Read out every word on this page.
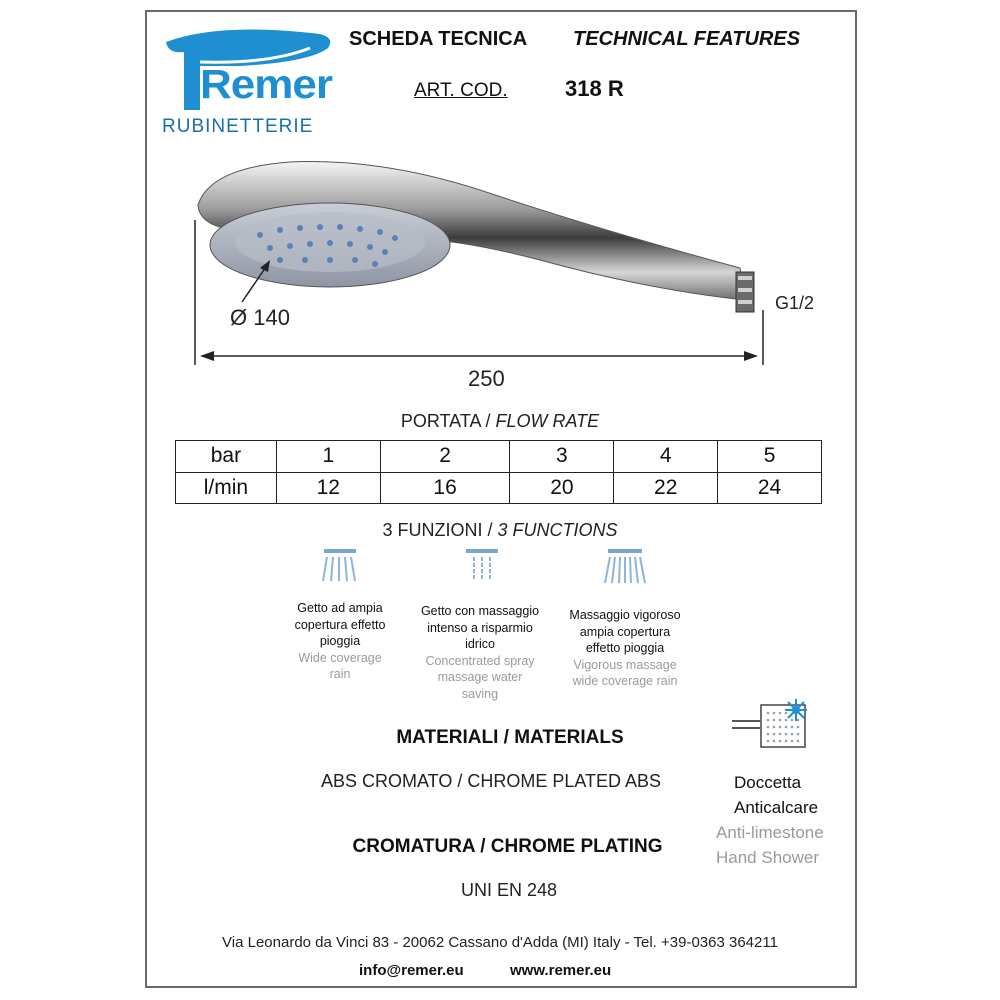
Remer
RUBINETTERIE
SCHEDA TECNICA TECHNICAL FEATURES
ART. COD.	318 R
Ø 140
G1/2
250
PORTATA / FLOW RATE
bar	1	2	3	4	5
l/min	12	16	20	22	24
3 FUNZIONI / 3 FUNCTIONS
Getto ad ampia
copertura effetto
pioggia
Wide coverage
rain
Getto con massaggio
intenso a risparmio
idrico
Concentrated spray
massage water
saving
Massaggio vigoroso
ampia copertura
effetto pioggia
Vigorous massage
wide coverage rain
MATERIALI / MATERIALS
ABS CROMATO / CHROME PLATED ABS
CROMATURA / CHROME PLATING
UNI EN 248
Doccetta
Anticalcare
Anti-limestone
Hand Shower
Via Leonardo da Vinci 83 - 20062 Cassano d'Adda (MI) Italy - Tel. +39-0363 364211
info@remer.eu	www.remer.eu
